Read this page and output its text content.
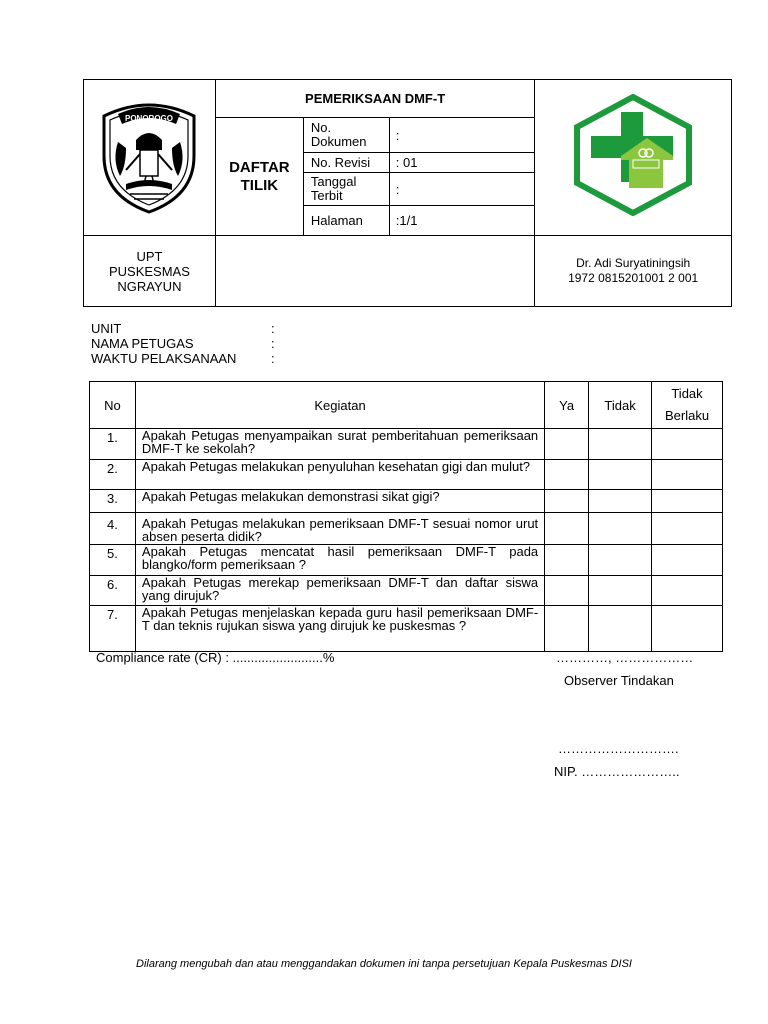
PONOROGO	PEMERIKSAAN DMF-T	
	DAFTAR TILIK	No. Dokumen	:	
		No. Revisi	: 01	
		Tanggal Terbit	:	
		Halaman	:1/1	
UPT PUSKESMAS NGRAYUN				Dr. Adi Suryatiningsih
1972 0815201001 2 001
UNIT	:
NAMA PETUGAS	:
WAKTU PELAKSANAAN	:
No	Kegiatan	Ya	Tidak	Tidak Berlaku
1.	Apakah Petugas menyampaikan surat pemberitahuan pemeriksaan DMF-T ke sekolah?			
2.	Apakah Petugas melakukan penyuluhan kesehatan gigi dan mulut?			
3.	Apakah Petugas melakukan demonstrasi sikat gigi?			
4.	Apakah Petugas melakukan pemeriksaan DMF-T sesuai nomor urut absen peserta didik?			
5.	Apakah Petugas mencatat hasil pemeriksaan DMF-T pada blangko/form pemeriksaan ?			
6.	Apakah Petugas merekap pemeriksaan DMF-T dan daftar siswa yang dirujuk?			
7.	Apakah Petugas menjelaskan kepada guru hasil pemeriksaan DMF-T dan teknis rujukan siswa yang dirujuk ke puskesmas ?			
Compliance rate (CR) : .........................%	…………, ………………
Observer Tindakan
……………………….
NIP. …………………..
Dilarang mengubah dan atau menggandakan dokumen ini tanpa persetujuan Kepala Puskesmas DISI
